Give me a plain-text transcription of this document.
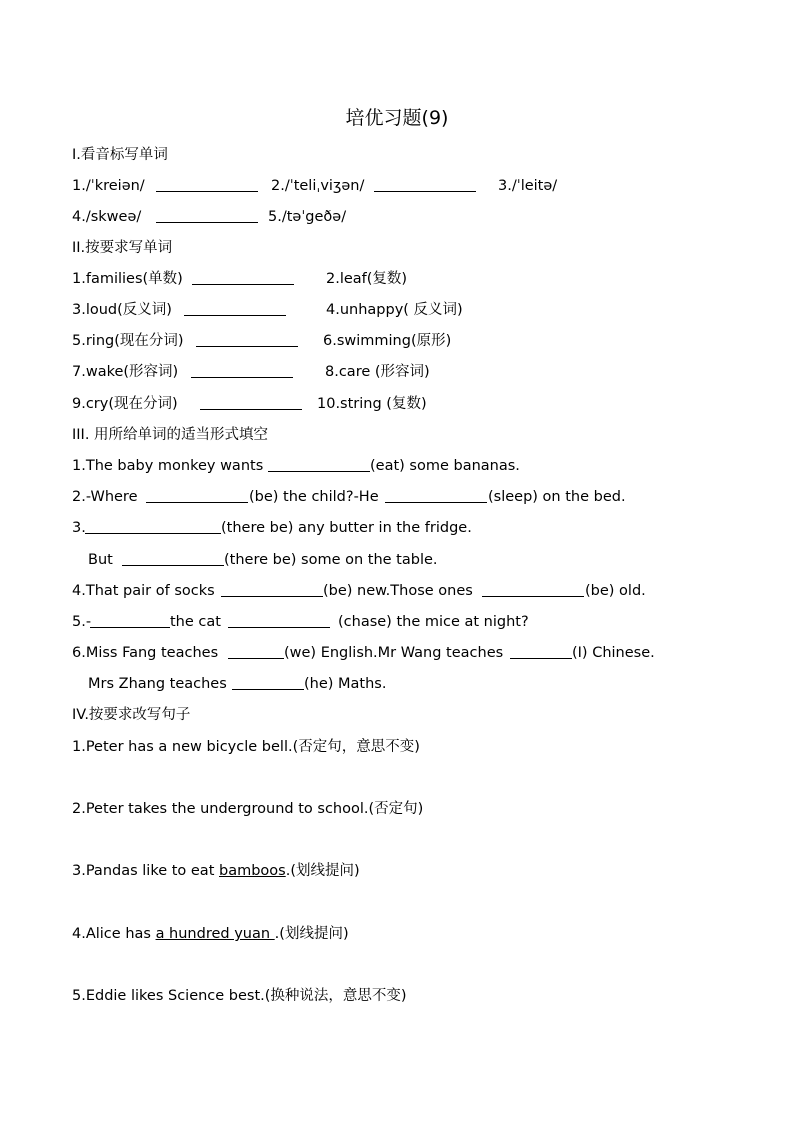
培优习题(9)
I.看音标写单词
1./ˈkreiən/	2./ˈteliˌviʒən/	3./ˈleitə/
4./skweə/	5./təˈgeðə/
II.按要求写单词
1.families(单数)	2.leaf(复数)
3.loud(反义词)	4.unhappy( 反义词)
5.ring(现在分词)	6.swimming(原形)
7.wake(形容词)	8.care (形容词)
9.cry(现在分词)	10.string (复数)
III. 用所给单词的适当形式填空
1.The baby monkey wants	(eat) some bananas.
2.-Where	(be) the child?-He	(sleep) on the bed.
3.	(there be) any butter in the fridge.
But	(there be) some on the table.
4.That pair of socks	(be) new.Those ones	(be) old.
5.-	the cat	(chase) the mice at night?
6.Miss Fang teaches	(we) English.Mr Wang teaches	(I) Chinese.
Mrs Zhang teaches	(he) Maths.
IV.按要求改写句子
1.Peter has a new bicycle bell.(否定句，意思不变)
2.Peter takes the underground to school.(否定句)
3.Pandas like to eat bamboos.(划线提问)
4.Alice has a hundred yuan .(划线提问)
5.Eddie likes Science best.(换种说法，意思不变)
